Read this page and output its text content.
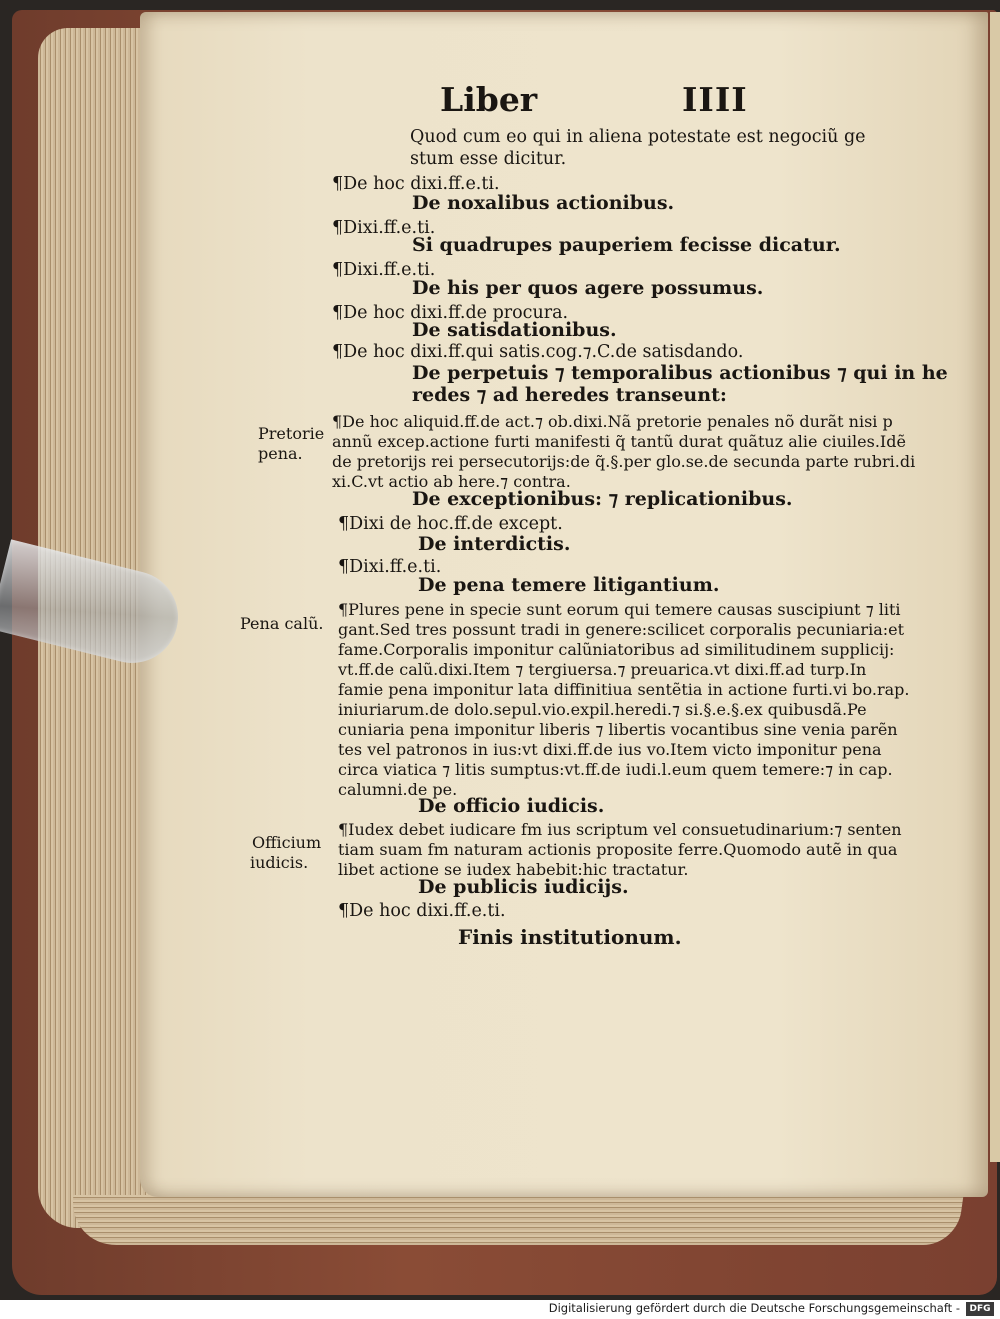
Liber	IIII
Quod cum eo qui in aliena potestate est negociũ ge
stum esse dicitur.
¶De hoc dixi.ff.e.ti.
De noxalibus actionibus.
¶Dixi.ff.e.ti.
Si quadrupes pauperiem fecisse dicatur.
¶Dixi.ff.e.ti.
De his per quos agere possumus.
¶De hoc dixi.ff.de procura.
De satisdationibus.
¶De hoc dixi.ff.qui satis.cog.⁊.C.de satisdando.
De perpetuis ⁊ temporalibus actionibus ⁊ qui in he
redes ⁊ ad heredes transeunt:
¶De hoc aliquid.ff.de act.⁊ ob.dixi.Nã pretorie penales nõ durãt nisi p
annũ excep.actione furti manifesti q̃ tantũ durat quãtuz alie ciuiles.Idẽ
de pretorijs rei persecutorijs:de q̃.§.per glo.se.de secunda parte rubri.di
xi.C.vt actio ab here.⁊ contra.
De exceptionibus: ⁊ replicationibus.
¶Dixi de hoc.ff.de except.
De interdictis.
¶Dixi.ff.e.ti.
De pena temere litigantium.
¶Plures pene in specie sunt eorum qui temere causas suscipiunt ⁊ liti
gant.Sed tres possunt tradi in genere:scilicet corporalis pecuniaria:et
fame.Corporalis imponitur calũniatoribus ad similitudinem supplicij:
vt.ff.de calũ.dixi.Item ⁊ tergiuersa.⁊ preuarica.vt dixi.ff.ad turp.In
famie pena imponitur lata diffinitiua sentẽtia in actione furti.vi bo.rap.
iniuriarum.de dolo.sepul.vio.expil.heredi.⁊ si.§.e.§.ex quibusdã.Pe
cuniaria pena imponitur liberis ⁊ libertis vocantibus sine venia parẽn
tes vel patronos in ius:vt dixi.ff.de ius vo.Item victo imponitur pena
circa viatica ⁊ litis sumptus:vt.ff.de iudi.l.eum quem temere:⁊ in cap.
calumni.de pe.
De officio iudicis.
¶Iudex debet iudicare fm ius scriptum vel consuetudinarium:⁊ senten
tiam suam fm naturam actionis proposite ferre.Quomodo autẽ in qua
libet actione se iudex habebit:hic tractatur.
De publicis iudicijs.
¶De hoc dixi.ff.e.ti.
Pretorie
pena.
Pena calũ.
Officium
iudicis.
Finis institutionum.
Digitalisierung gefördert durch die Deutsche Forschungsgemeinschaft -	DFG
